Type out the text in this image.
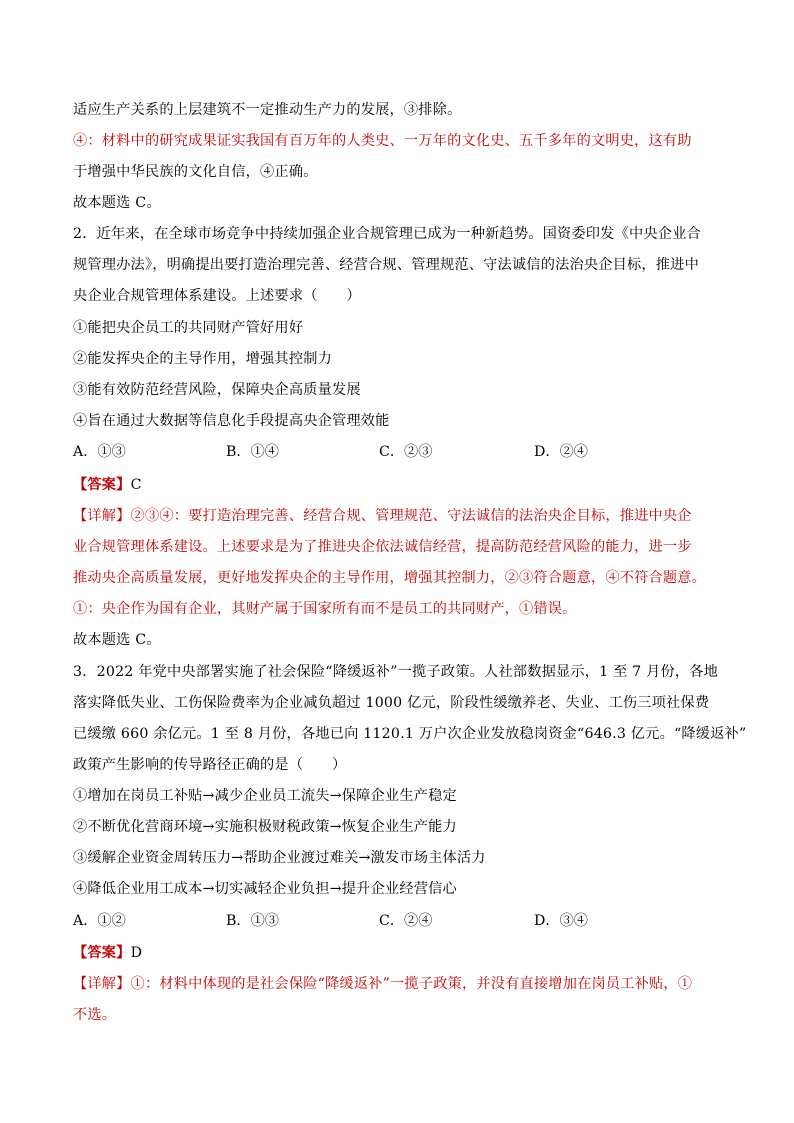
适应生产关系的上层建筑不一定推动生产力的发展，③排除。
④：材料中的研究成果证实我国有百万年的人类史、一万年的文化史、五千多年的文明史，这有助
于增强中华民族的文化自信，④正确。
故本题选 C。
2．近年来，在全球市场竞争中持续加强企业合规管理已成为一种新趋势。国资委印发《中央企业合
规管理办法》，明确提出要打造治理完善、经营合规、管理规范、守法诚信的法治央企目标，推进中
央企业合规管理体系建设。上述要求（　　）
①能把央企员工的共同财产管好用好
②能发挥央企的主导作用，增强其控制力
③能有效防范经营风险，保障央企高质量发展
④旨在通过大数据等信息化手段提高央企管理效能
A．①③	B．①④	C．②③	D．②④
【答案】C
【详解】②③④：要打造治理完善、经营合规、管理规范、守法诚信的法治央企目标，推进中央企
业合规管理体系建设。上述要求是为了推进央企依法诚信经营，提高防范经营风险的能力，进一步
推动央企高质量发展，更好地发挥央企的主导作用，增强其控制力，②③符合题意，④不符合题意。
①：央企作为国有企业，其财产属于国家所有而不是员工的共同财产，①错误。
故本题选 C。
3．2022 年党中央部署实施了社会保险“降缓返补”一揽子政策。人社部数据显示，1 至 7 月份，各地
落实降低失业、工伤保险费率为企业减负超过 1000 亿元，阶段性缓缴养老、失业、工伤三项社保费
已缓缴 660 余亿元。1 至 8 月份，各地已向 1120.1 万户次企业发放稳岗资金“646.3 亿元。“降缓返补”
政策产生影响的传导路径正确的是（　　）
①增加在岗员工补贴→减少企业员工流失→保障企业生产稳定
②不断优化营商环境→实施积极财税政策→恢复企业生产能力
③缓解企业资金周转压力→帮助企业渡过难关→激发市场主体活力
④降低企业用工成本→切实减轻企业负担→提升企业经营信心
A．①②	B．①③	C．②④	D．③④
【答案】D
【详解】①：材料中体现的是社会保险“降缓返补”一揽子政策，并没有直接增加在岗员工补贴，①
不选。
